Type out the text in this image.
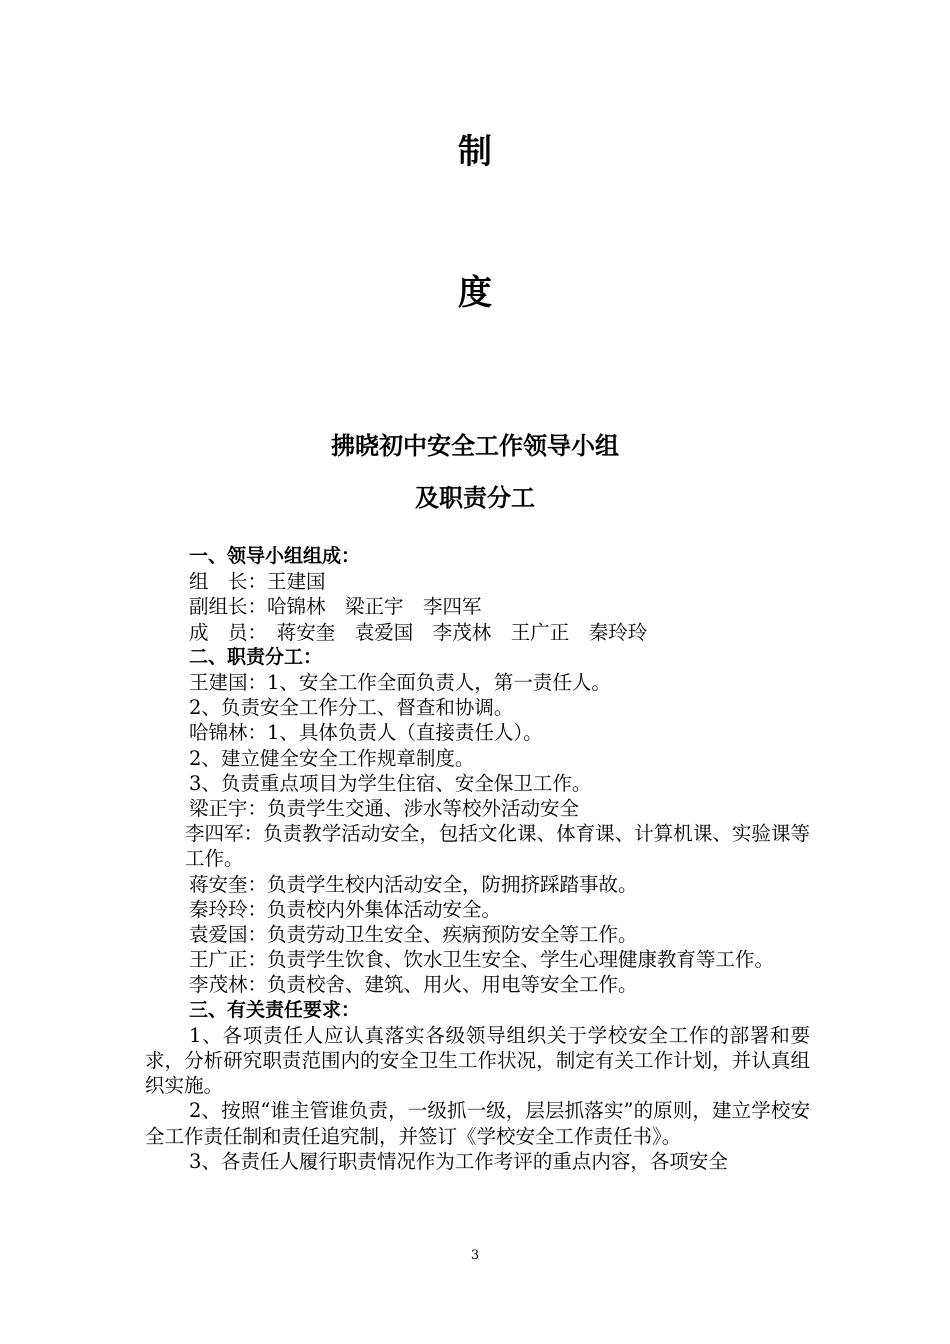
制
度
拂晓初中安全工作领导小组
及职责分工
一、领导小组组成：
组　长：王建国
副组长：哈锦林　梁正宇　李四军
成　员：　蒋安奎　袁爱国　李茂林　王广正　秦玲玲
二、职责分工：
王建国：1、安全工作全面负责人，第一责任人。
2、负责安全工作分工、督查和协调。
哈锦林：1、具体负责人（直接责任人）。
2、建立健全安全工作规章制度。
3、负责重点项目为学生住宿、安全保卫工作。
梁正宇：负责学生交通、涉水等校外活动安全
李四军：负责教学活动安全，包括文化课、体育课、计算机课、实验课等工作。
蒋安奎：负责学生校内活动安全，防拥挤踩踏事故。
秦玲玲：负责校内外集体活动安全。
袁爱国：负责劳动卫生安全、疾病预防安全等工作。
王广正：负责学生饮食、饮水卫生安全、学生心理健康教育等工作。
李茂林：负责校舍、建筑、用火、用电等安全工作。
三、有关责任要求：
1、各项责任人应认真落实各级领导组织关于学校安全工作的部署和要求，分析研究职责范围内的安全卫生工作状况，制定有关工作计划，并认真组织实施。
2、按照“谁主管谁负责，一级抓一级，层层抓落实”的原则，建立学校安全工作责任制和责任追究制，并签订《学校安全工作责任书》。
3、各责任人履行职责情况作为工作考评的重点内容，各项安全
3
